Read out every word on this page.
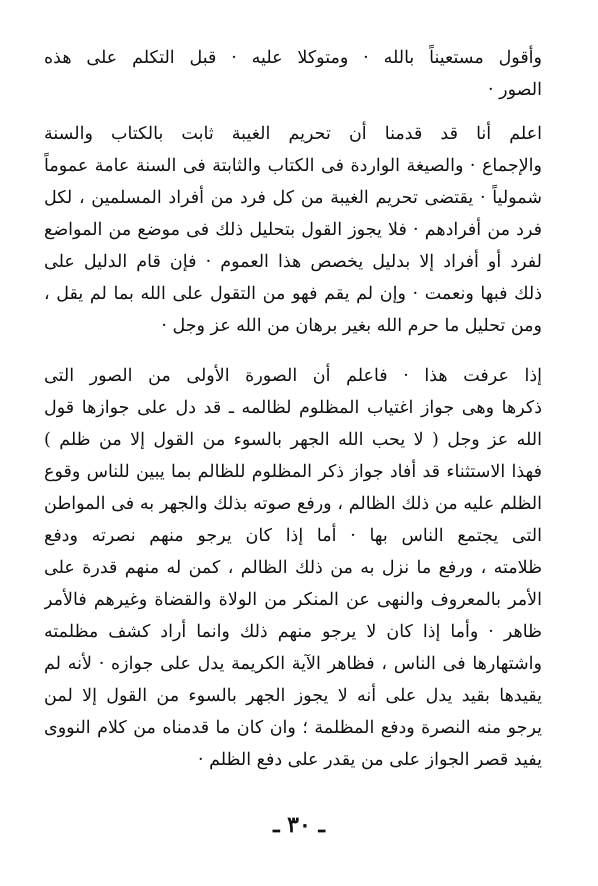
وأقول مستعيناً بالله · ومتوكلا عليه · قبل التكلم على هذه
الصور ·
اعلم أنا قد قدمنا أن تحريم الغيبة ثابت بالكتاب والسنة
والإجماع · والصيغة الواردة فى الكتاب والثابتة فى السنة عامة عموماً
شمولياً · يقتضى تحريم الغيبة من كل فرد من أفراد المسلمين ، لكل
فرد من أفرادهم · فلا يجوز القول بتحليل ذلك فى موضع من المواضع
لفرد أو أفراد إلا بدليل يخصص هذا العموم · فإن قام الدليل على
ذلك فبها ونعمت · وإن لم يقم فهو من التقول على الله بما لم يقل ،
ومن تحليل ما حرم الله بغير برهان من الله عز وجل ·
إذا عرفت هذا · فاعلم أن الصورة الأولى من الصور التى
ذكرها وهى جواز اغتياب المظلوم لظالمه ـ قد دل على جوازها قول
الله عز وجل ( لا يحب الله الجهر بالسوء من القول إلا من ظلم )
فهذا الاستثناء قد أفاد جواز ذكر المظلوم للظالم بما يبين للناس وقوع
الظلم عليه من ذلك الظالم ، ورفع صوته بذلك والجهر به فى المواطن
التى يجتمع الناس بها · أما إذا كان يرجو منهم نصرته ودفع
ظلامته ، ورفع ما نزل به من ذلك الظالم ، كمن له منهم قدرة على
الأمر بالمعروف والنهى عن المنكر من الولاة والقضاة وغيرهم فالأمر
ظاهر · وأما إذا كان لا يرجو منهم ذلك وانما أراد كشف مظلمته
واشتهارها فى الناس ، فظاهر الآية الكريمة يدل على جوازه · لأنه لم
يقيدها بقيد يدل على أنه لا يجوز الجهر بالسوء من القول إلا لمن
يرجو منه النصرة ودفع المظلمة ؛ وان كان ما قدمناه من كلام النووى
يفيد قصر الجواز على من يقدر على دفع الظلم ·
ـ ٣٠ ـ
